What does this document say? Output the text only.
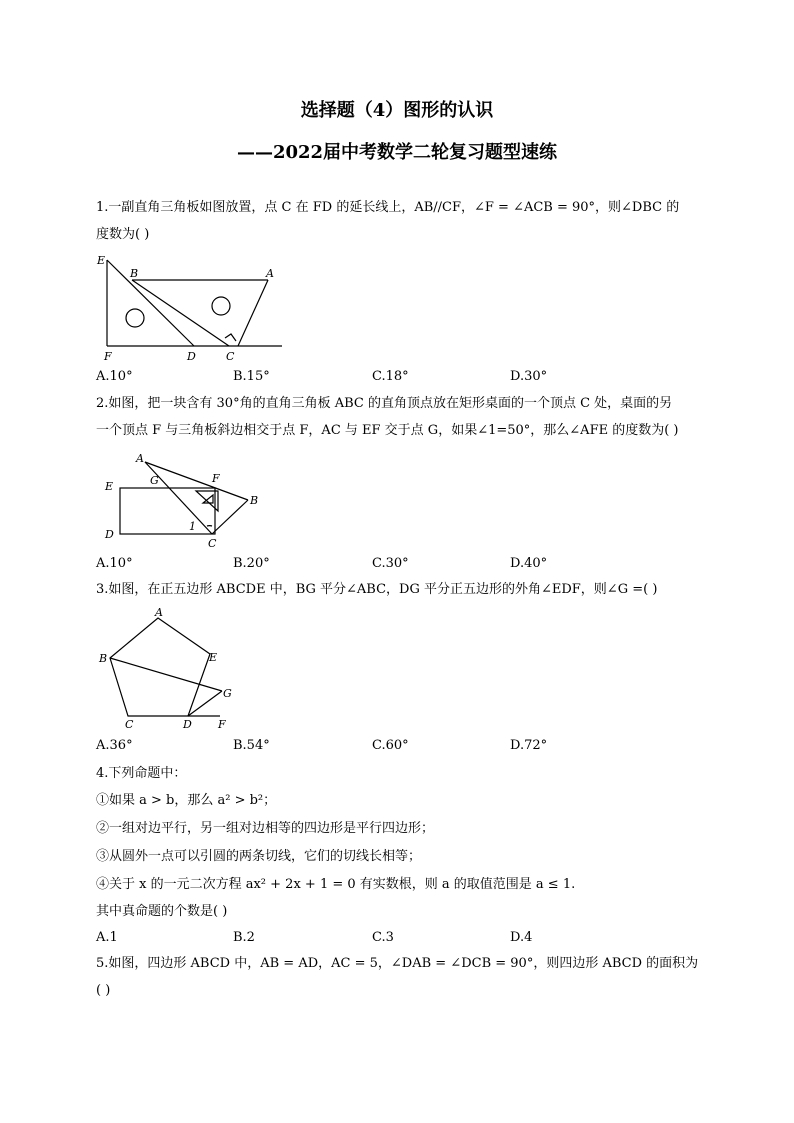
选择题（4）图形的认识
——2022届中考数学二轮复习题型速练
1.一副直角三角板如图放置，点 C 在 FD 的延长线上，AB//CF，∠F = ∠ACB = 90°，则∠DBC 的
度数为( )
E
B	A
F	D	C
A.10°	B.15°	C.18°	D.30°
2.如图，把一块含有 30°角的直角三角板 ABC 的直角顶点放在矩形桌面的一个顶点 C 处，桌面的另
一个顶点 F 与三角板斜边相交于点 F，AC 与 EF 交于点 G，如果∠1=50°，那么∠AFE 的度数为( )
A
G	F
E
B
D
1
C
A.10°	B.20°	C.30°	D.40°
3.如图，在正五边形 ABCDE 中，BG 平分∠ABC，DG 平分正五边形的外角∠EDF，则∠G =( )
A
B	E
G
C	D F
A.36°	B.54°	C.60°	D.72°
4.下列命题中：
①如果 a > b，那么 a² > b²；
②一组对边平行，另一组对边相等的四边形是平行四边形；
③从圆外一点可以引圆的两条切线，它们的切线长相等；
④关于 x 的一元二次方程 ax² + 2x + 1 = 0 有实数根，则 a 的取值范围是 a ≤ 1.
其中真命题的个数是( )
A.1	B.2	C.3	D.4
5.如图，四边形 ABCD 中，AB = AD，AC = 5，∠DAB = ∠DCB = 90°，则四边形 ABCD 的面积为
( )
